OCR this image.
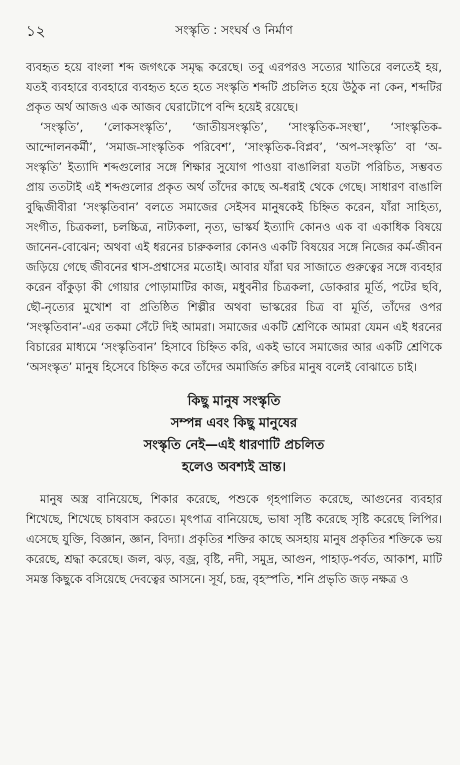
১২	সংস্কৃতি : সংঘর্ষ ও নির্মাণ

ব্যবহৃত হয়ে বাংলা শব্দ জগৎকে সমৃদ্ধ করেছে। তবু এরপরও সত্যের খাতিরে বলতেই হয়, যতই ব্যবহারে ব্যবহারে ব্যবহৃত হতে হতে সংস্কৃতি শব্দটি প্রচলিত হয়ে উঠুক না কেন, শব্দটির প্রকৃত অর্থ আজও এক আজব ঘেরাটোপে বন্দি হয়েই রয়েছে।

‘সংস্কৃতি’, ‘লোকসংস্কৃতি’, ‘জাতীয়সংস্কৃতি’, ‘সাংস্কৃতিক-সংস্থা’, ‘সাংস্কৃতিক-আন্দোলনকর্মী’, ‘সমাজ-সাংস্কৃতিক পরিবেশ’, ‘সাংস্কৃতিক-বিপ্লব’, ‘অপ-সংস্কৃতি’ বা ‘অ-সংস্কৃতি’ ইত্যাদি শব্দগুলোর সঙ্গে শিক্ষার সুযোগ পাওয়া বাঙালিরা যতটা পরিচিত, সম্ভবত প্রায় ততটাই এই শব্দগুলোর প্রকৃত অর্থ তাঁদের কাছে অ-ধরাই থেকে গেছে। সাধারণ বাঙালি বুদ্ধিজীবীরা ‘সংস্কৃতিবান’ বলতে সমাজের সেইসব মানুষকেই চিহ্নিত করেন, যাঁরা সাহিত্য, সংগীত, চিত্রকলা, চলচ্চিত্র, নাট্যকলা, নৃত্য, ভাস্কর্য ইত্যাদি কোনও এক বা একাধিক বিষয়ে জানেন-বোঝেন; অথবা এই ধরনের চারুকলার কোনও একটি বিষয়ের সঙ্গে নিজের কর্ম-জীবন জড়িয়ে গেছে জীবনের শ্বাস-প্রশ্বাসের মতোই। আবার যাঁরা ঘর সাজাতে গুরুত্বের সঙ্গে ব্যবহার করেন বাঁকুড়া কী গোয়ার পোড়ামাটির কাজ, মধুবনীর চিত্রকলা, ডোকরার মূর্তি, পটের ছবি, ছৌ-নৃত্যের মুখোশ বা প্রতিষ্ঠিত শিল্পীর অথবা ভাস্করের চিত্র বা মূর্তি, তাঁদের ওপর ‘সংস্কৃতিবান’-এর তকমা সেঁটে দিই আমরা। সমাজের একটি শ্রেণিকে আমরা যেমন এই ধরনের বিচারের মাধ্যমে ‘সংস্কৃতিবান’ হিসাবে চিহ্নিত করি, একই ভাবে সমাজের আর একটি শ্রেণিকে ‘অসংস্কৃত’ মানুষ হিসেবে চিহ্নিত করে তাঁদের অমার্জিত রুচির মানুষ বলেই বোঝাতে চাই।

কিছু মানুষ সংস্কৃতি
সম্পন্ন এবং কিছু মানুষের
সংস্কৃতি নেই—এই ধারণাটি প্রচলিত
হলেও অবশ্যই ভ্রান্ত।

মানুষ অস্ত্র বানিয়েছে, শিকার করেছে, পশুকে গৃহপালিত করেছে, আগুনের ব্যবহার শিখেছে, শিখেছে চাষবাস করতে। মৃৎপাত্র বানিয়েছে, ভাষা সৃষ্টি করেছে সৃষ্টি করেছে লিপির। এসেছে যুক্তি, বিজ্ঞান, জ্ঞান, বিদ্যা। প্রকৃতির শক্তির কাছে অসহায় মানুষ প্রকৃতির শক্তিকে ভয় করেছে, শ্রদ্ধা করেছে। জল, ঝড়, বজ্র, বৃষ্টি, নদী, সমুদ্র, আগুন, পাহাড়-পর্বত, আকাশ, মাটি সমস্ত কিছুকে বসিয়েছে দেবত্বের আসনে। সূর্য, চন্দ্র, বৃহস্পতি, শনি প্রভৃতি জড় নক্ষত্র ও
